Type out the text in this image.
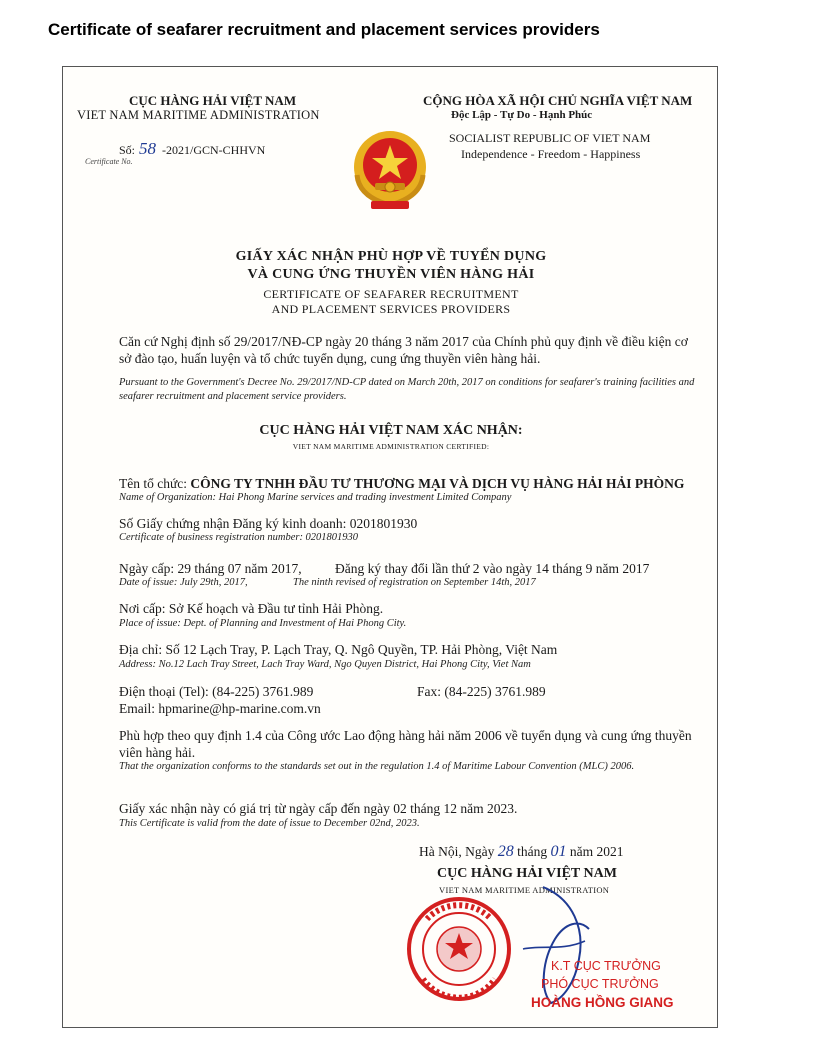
Certificate of seafarer recruitment and placement services providers
CỤC HÀNG HẢI VIỆT NAM
VIET NAM MARITIME ADMINISTRATION
Số: 58 -2021/GCN-CHHVN
Certificate No.
CỘNG HÒA XÃ HỘI CHỦ NGHĨA VIỆT NAM
Độc Lập - Tự Do - Hạnh Phúc
SOCIALIST REPUBLIC OF VIET NAM
Independence - Freedom - Happiness
GIẤY XÁC NHẬN PHÙ HỢP VỀ TUYỂN DỤNG
VÀ CUNG ỨNG THUYỀN VIÊN HÀNG HẢI
CERTIFICATE OF SEAFARER RECRUITMENT
AND PLACEMENT SERVICES PROVIDERS
Căn cứ Nghị định số 29/2017/NĐ-CP ngày 20 tháng 3 năm 2017 của Chính phủ quy định về điều kiện cơ sở đào tạo, huấn luyện và tổ chức tuyển dụng, cung ứng thuyền viên hàng hải.
Pursuant to the Government's Decree No. 29/2017/ND-CP dated on March 20th, 2017 on conditions for seafarer's training facilities and seafarer recruitment and placement service providers.
CỤC HÀNG HẢI VIỆT NAM XÁC NHẬN:
VIET NAM MARITIME ADMINISTRATION CERTIFIED:
Tên tổ chức: CÔNG TY TNHH ĐẦU TƯ THƯƠNG MẠI VÀ DỊCH VỤ HÀNG HẢI HẢI PHÒNG
Name of Organization: Hai Phong Marine services and trading investment Limited Company
Số Giấy chứng nhận Đăng ký kinh doanh: 0201801930
Certificate of business registration number: 0201801930
Ngày cấp: 29 tháng 07 năm 2017, Đăng ký thay đổi lần thứ 2 vào ngày 14 tháng 9 năm 2017
Date of issue: July 29th, 2017,	The ninth revised of registration on September 14th, 2017
Nơi cấp: Sở Kế hoạch và Đầu tư tỉnh Hải Phòng.
Place of issue: Dept. of Planning and Investment of Hai Phong City.
Địa chỉ: Số 12 Lạch Tray, P. Lạch Tray, Q. Ngô Quyền, TP. Hải Phòng, Việt Nam
Address: No.12 Lach Tray Street, Lach Tray Ward, Ngo Quyen District, Hai Phong City, Viet Nam
Điện thoại (Tel): (84-225) 3761.989	Fax: (84-225) 3761.989
Email: hpmarine@hp-marine.com.vn
Phù hợp theo quy định 1.4 của Công ước Lao động hàng hải năm 2006 về tuyển dụng và cung ứng thuyền viên hàng hải.
That the organization conforms to the standards set out in the regulation 1.4 of Maritime Labour Convention (MLC) 2006.
Giấy xác nhận này có giá trị từ ngày cấp đến ngày 02 tháng 12 năm 2023.
This Certificate is valid from the date of issue to December 02nd, 2023.
Hà Nội, Ngày 28 tháng 01 năm 2021
CỤC HÀNG HẢI VIỆT NAM
VIET NAM MARITIME ADMINISTRATION
K.T CỤC TRƯỞNG
PHÓ CỤC TRƯỞNG
HOÀNG HỒNG GIANG
